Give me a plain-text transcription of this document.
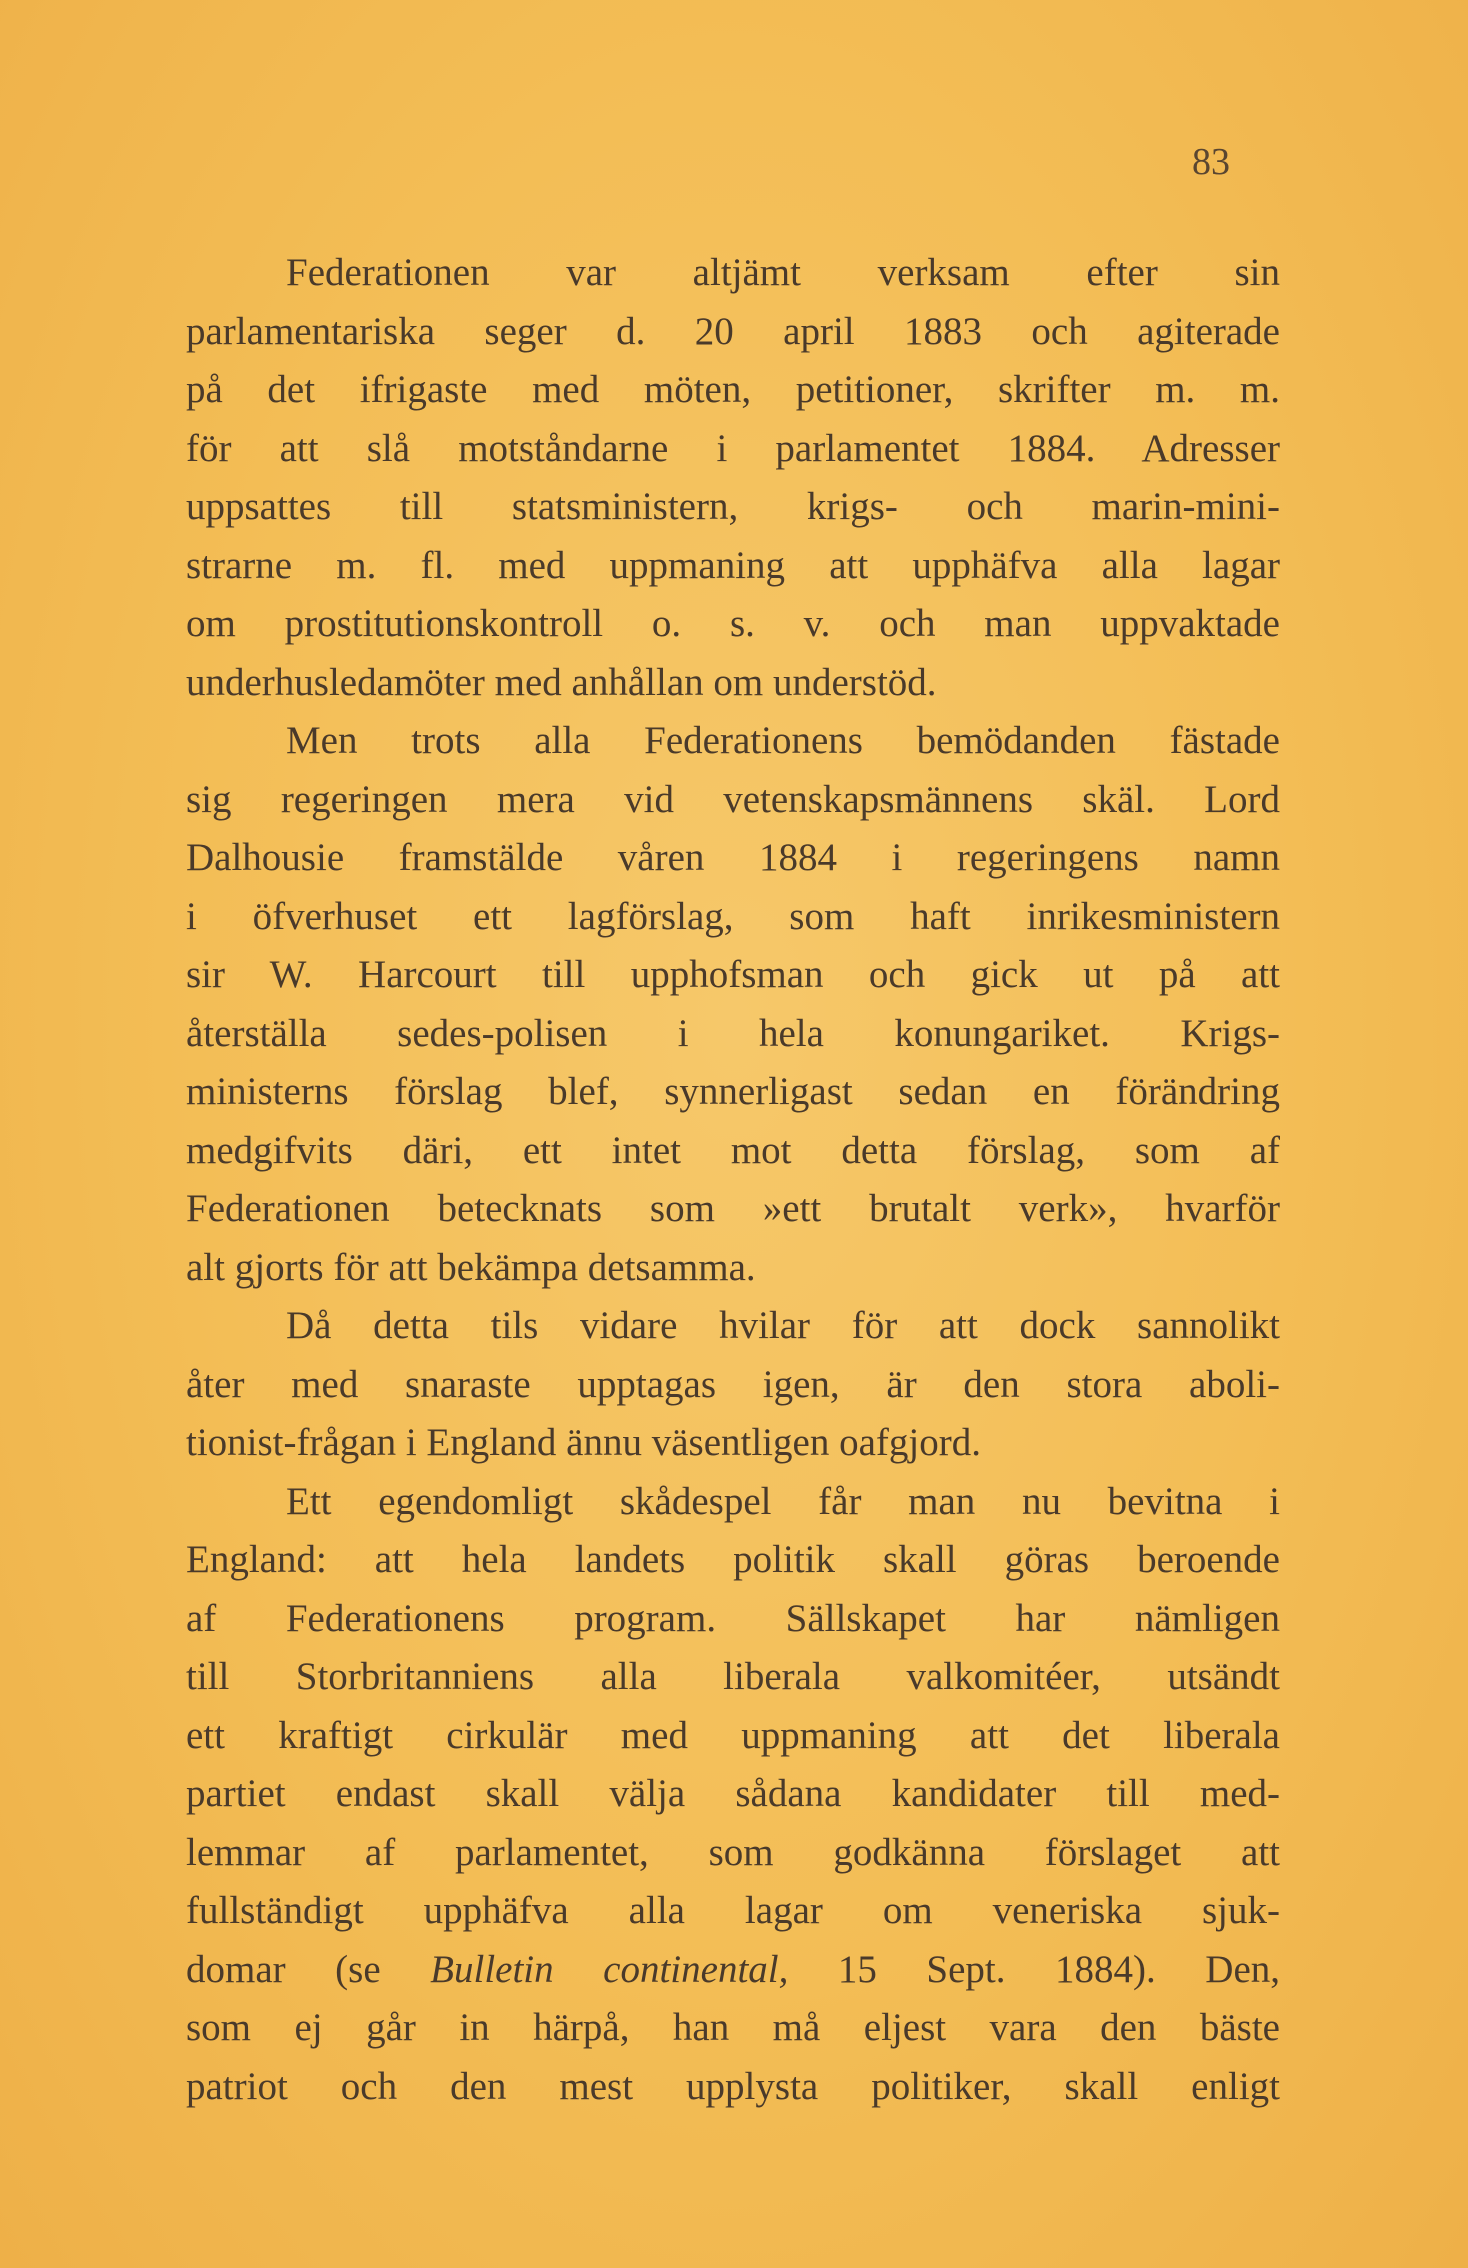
83
Federationen var altjämt verksam efter sin
parlamentariska seger d. 20 april 1883 och agiterade
på det ifrigaste med möten, petitioner, skrifter m. m.
för att slå motståndarne i parlamentet 1884. Adresser
uppsattes till statsministern, krigs- och marin-mini-
strarne m. fl. med uppmaning att upphäfva alla lagar
om prostitutionskontroll o. s. v. och man uppvaktade
underhusledamöter med anhållan om understöd.
Men trots alla Federationens bemödanden fästade
sig regeringen mera vid vetenskapsmännens skäl. Lord
Dalhousie framstälde våren 1884 i regeringens namn
i öfverhuset ett lagförslag, som haft inrikesministern
sir W. Harcourt till upphofsman och gick ut på att
återställa sedes-polisen i hela konungariket. Krigs-
ministerns förslag blef, synnerligast sedan en förändring
medgifvits däri, ett intet mot detta förslag, som af
Federationen betecknats som »ett brutalt verk», hvarför
alt gjorts för att bekämpa detsamma.
Då detta tils vidare hvilar för att dock sannolikt
åter med snaraste upptagas igen, är den stora aboli-
tionist-frågan i England ännu väsentligen oafgjord.
Ett egendomligt skådespel får man nu bevitna i
England: att hela landets politik skall göras beroende
af Federationens program. Sällskapet har nämligen
till Storbritanniens alla liberala valkomitéer, utsändt
ett kraftigt cirkulär med uppmaning att det liberala
partiet endast skall välja sådana kandidater till med-
lemmar af parlamentet, som godkänna förslaget att
fullständigt upphäfva alla lagar om veneriska sjuk-
domar (se Bulletin continental, 15 Sept. 1884). Den,
som ej går in härpå, han må eljest vara den bäste
patriot och den mest upplysta politiker, skall enligt
